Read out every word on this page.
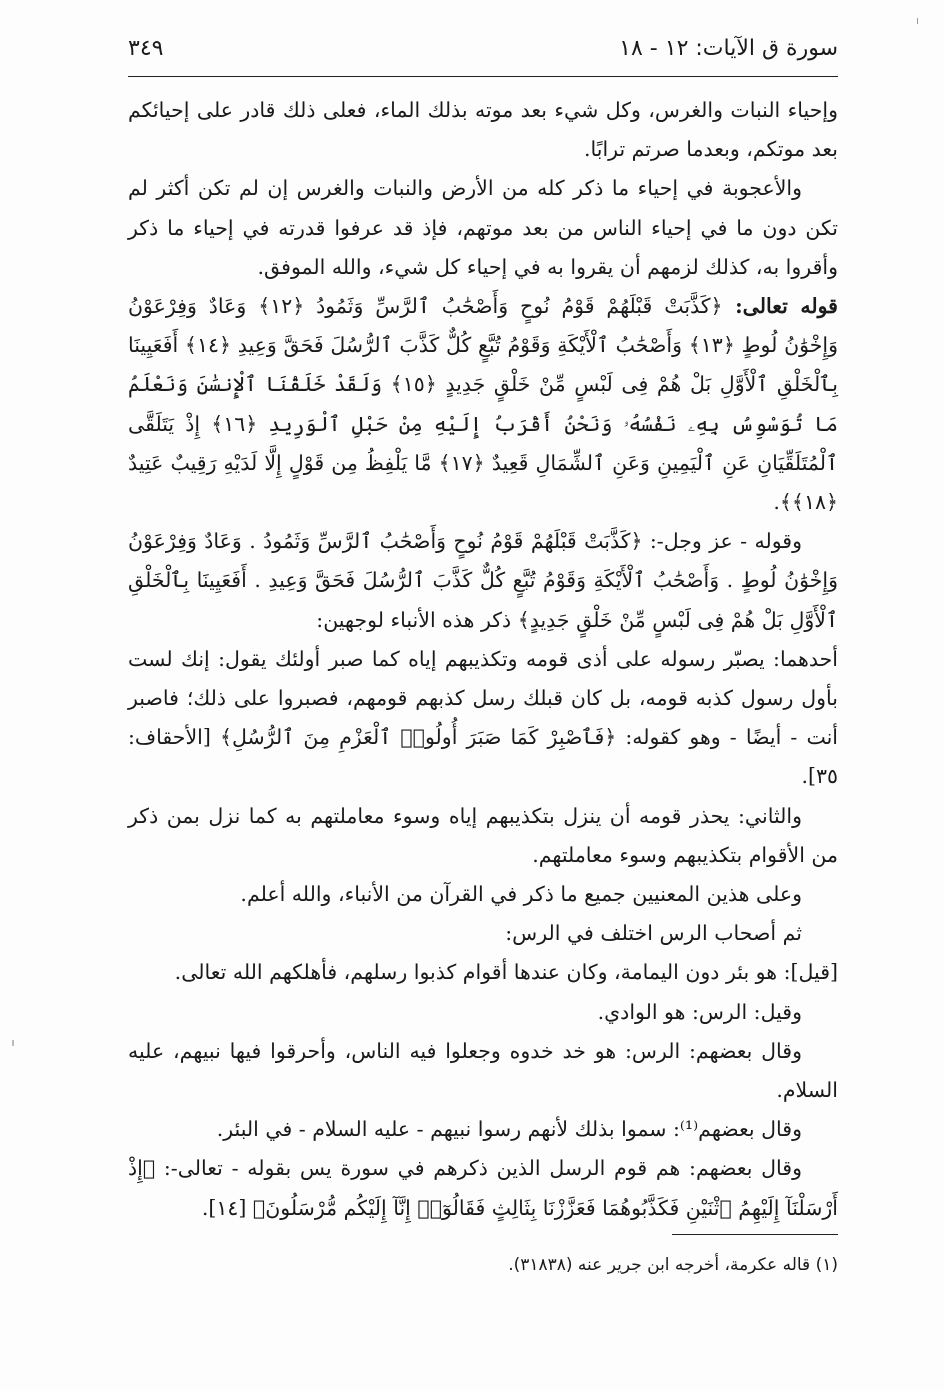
سورة ق الآيات: ١٢ - ١٨
٣٤٩

وإحياء النبات والغرس، وكل شيء بعد موته بذلك الماء، فعلى ذلك قادر على إحيائكم بعد موتكم، وبعدما صرتم ترابًا.

والأعجوبة في إحياء ما ذكر كله من الأرض والنبات والغرس إن لم تكن أكثر لم تكن دون ما في إحياء الناس من بعد موتهم، فإذ قد عرفوا قدرته في إحياء ما ذكر وأقروا به، كذلك لزمهم أن يقروا به في إحياء كل شيء، والله الموفق.

قوله تعالى: ﴿كَذَّبَتْ قَبْلَهُمْ قَوْمُ نُوحٍ وَأَصْحَٰبُ ٱلرَّسِّ وَثَمُودُ ﴿١٢﴾ وَعَادٌ وَفِرْعَوْنُ وَإِخْوَٰنُ لُوطٍ ﴿١٣﴾ وَأَصْحَٰبُ ٱلْأَيْكَةِ وَقَوْمُ تُبَّعٍ كُلٌّ كَذَّبَ ٱلرُّسُلَ فَحَقَّ وَعِيدِ ﴿١٤﴾ أَفَعَيِينَا بِٱلْخَلْقِ ٱلْأَوَّلِ بَلْ هُمْ فِى لَبْسٍ مِّنْ خَلْقٍ جَدِيدٍ ﴿١٥﴾ وَلَقَدْ خَلَقْنَا ٱلْإِنسَٰنَ وَنَعْلَمُ مَا تُوَسْوِسُ بِهِۦ نَفْسُهُۥ وَنَحْنُ أَقْرَبُ إِلَيْهِ مِنْ حَبْلِ ٱلْوَرِيدِ ﴿١٦﴾ إِذْ يَتَلَقَّى ٱلْمُتَلَقِّيَانِ عَنِ ٱلْيَمِينِ وَعَنِ ٱلشِّمَالِ قَعِيدٌ ﴿١٧﴾ مَّا يَلْفِظُ مِن قَوْلٍ إِلَّا لَدَيْهِ رَقِيبٌ عَتِيدٌ ﴿١٨﴾﴾.

وقوله - عز وجل-: ﴿كَذَّبَتْ قَبْلَهُمْ قَوْمُ نُوحٍ وَأَصْحَٰبُ ٱلرَّسِّ وَثَمُودُ . وَعَادٌ وَفِرْعَوْنُ وَإِخْوَٰنُ لُوطٍ . وَأَصْحَٰبُ ٱلْأَيْكَةِ وَقَوْمُ تُبَّعٍ كُلٌّ كَذَّبَ ٱلرُّسُلَ فَحَقَّ وَعِيدِ . أَفَعَيِينَا بِٱلْخَلْقِ ٱلْأَوَّلِ بَلْ هُمْ فِى لَبْسٍ مِّنْ خَلْقٍ جَدِيدٍ﴾ ذكر هذه الأنباء لوجهين:

أحدهما: يصبّر رسوله على أذى قومه وتكذيبهم إياه كما صبر أولئك يقول: إنك لست بأول رسول كذبه قومه، بل كان قبلك رسل كذبهم قومهم، فصبروا على ذلك؛ فاصبر أنت - أيضًا - وهو كقوله: ﴿فَٱصْبِرْ كَمَا صَبَرَ أُولُوا۟ ٱلْعَزْمِ مِنَ ٱلرُّسُلِ﴾ [الأحقاف: ٣٥].

والثاني: يحذر قومه أن ينزل بتكذيبهم إياه وسوء معاملتهم به كما نزل بمن ذكر من الأقوام بتكذيبهم وسوء معاملتهم.

وعلى هذين المعنيين جميع ما ذكر في القرآن من الأنباء، والله أعلم.

ثم أصحاب الرس اختلف في الرس:

[قيل]: هو بئر دون اليمامة، وكان عندها أقوام كذبوا رسلهم، فأهلكهم الله تعالى.

وقيل: الرس: هو الوادي.

وقال بعضهم: الرس: هو خد خدوه وجعلوا فيه الناس، وأحرقوا فيها نبيهم، عليه السلام.

وقال بعضهم⁽¹⁾: سموا بذلك لأنهم رسوا نبيهم - عليه السلام - في البئر.

وقال بعضهم: هم قوم الرسل الذين ذكرهم في سورة يس بقوله - تعالى-: ﴿إِذْ أَرْسَلْنَآ إِلَيْهِمُ ٱثْنَيْنِ فَكَذَّبُوهُمَا فَعَزَّزْنَا بِثَالِثٍ فَقَالُوٓا۟ إِنَّآ إِلَيْكُم مُّرْسَلُونَ﴾ [١٤].

(١) قاله عكرمة، أخرجه ابن جرير عنه (٣١٨٣٨).
